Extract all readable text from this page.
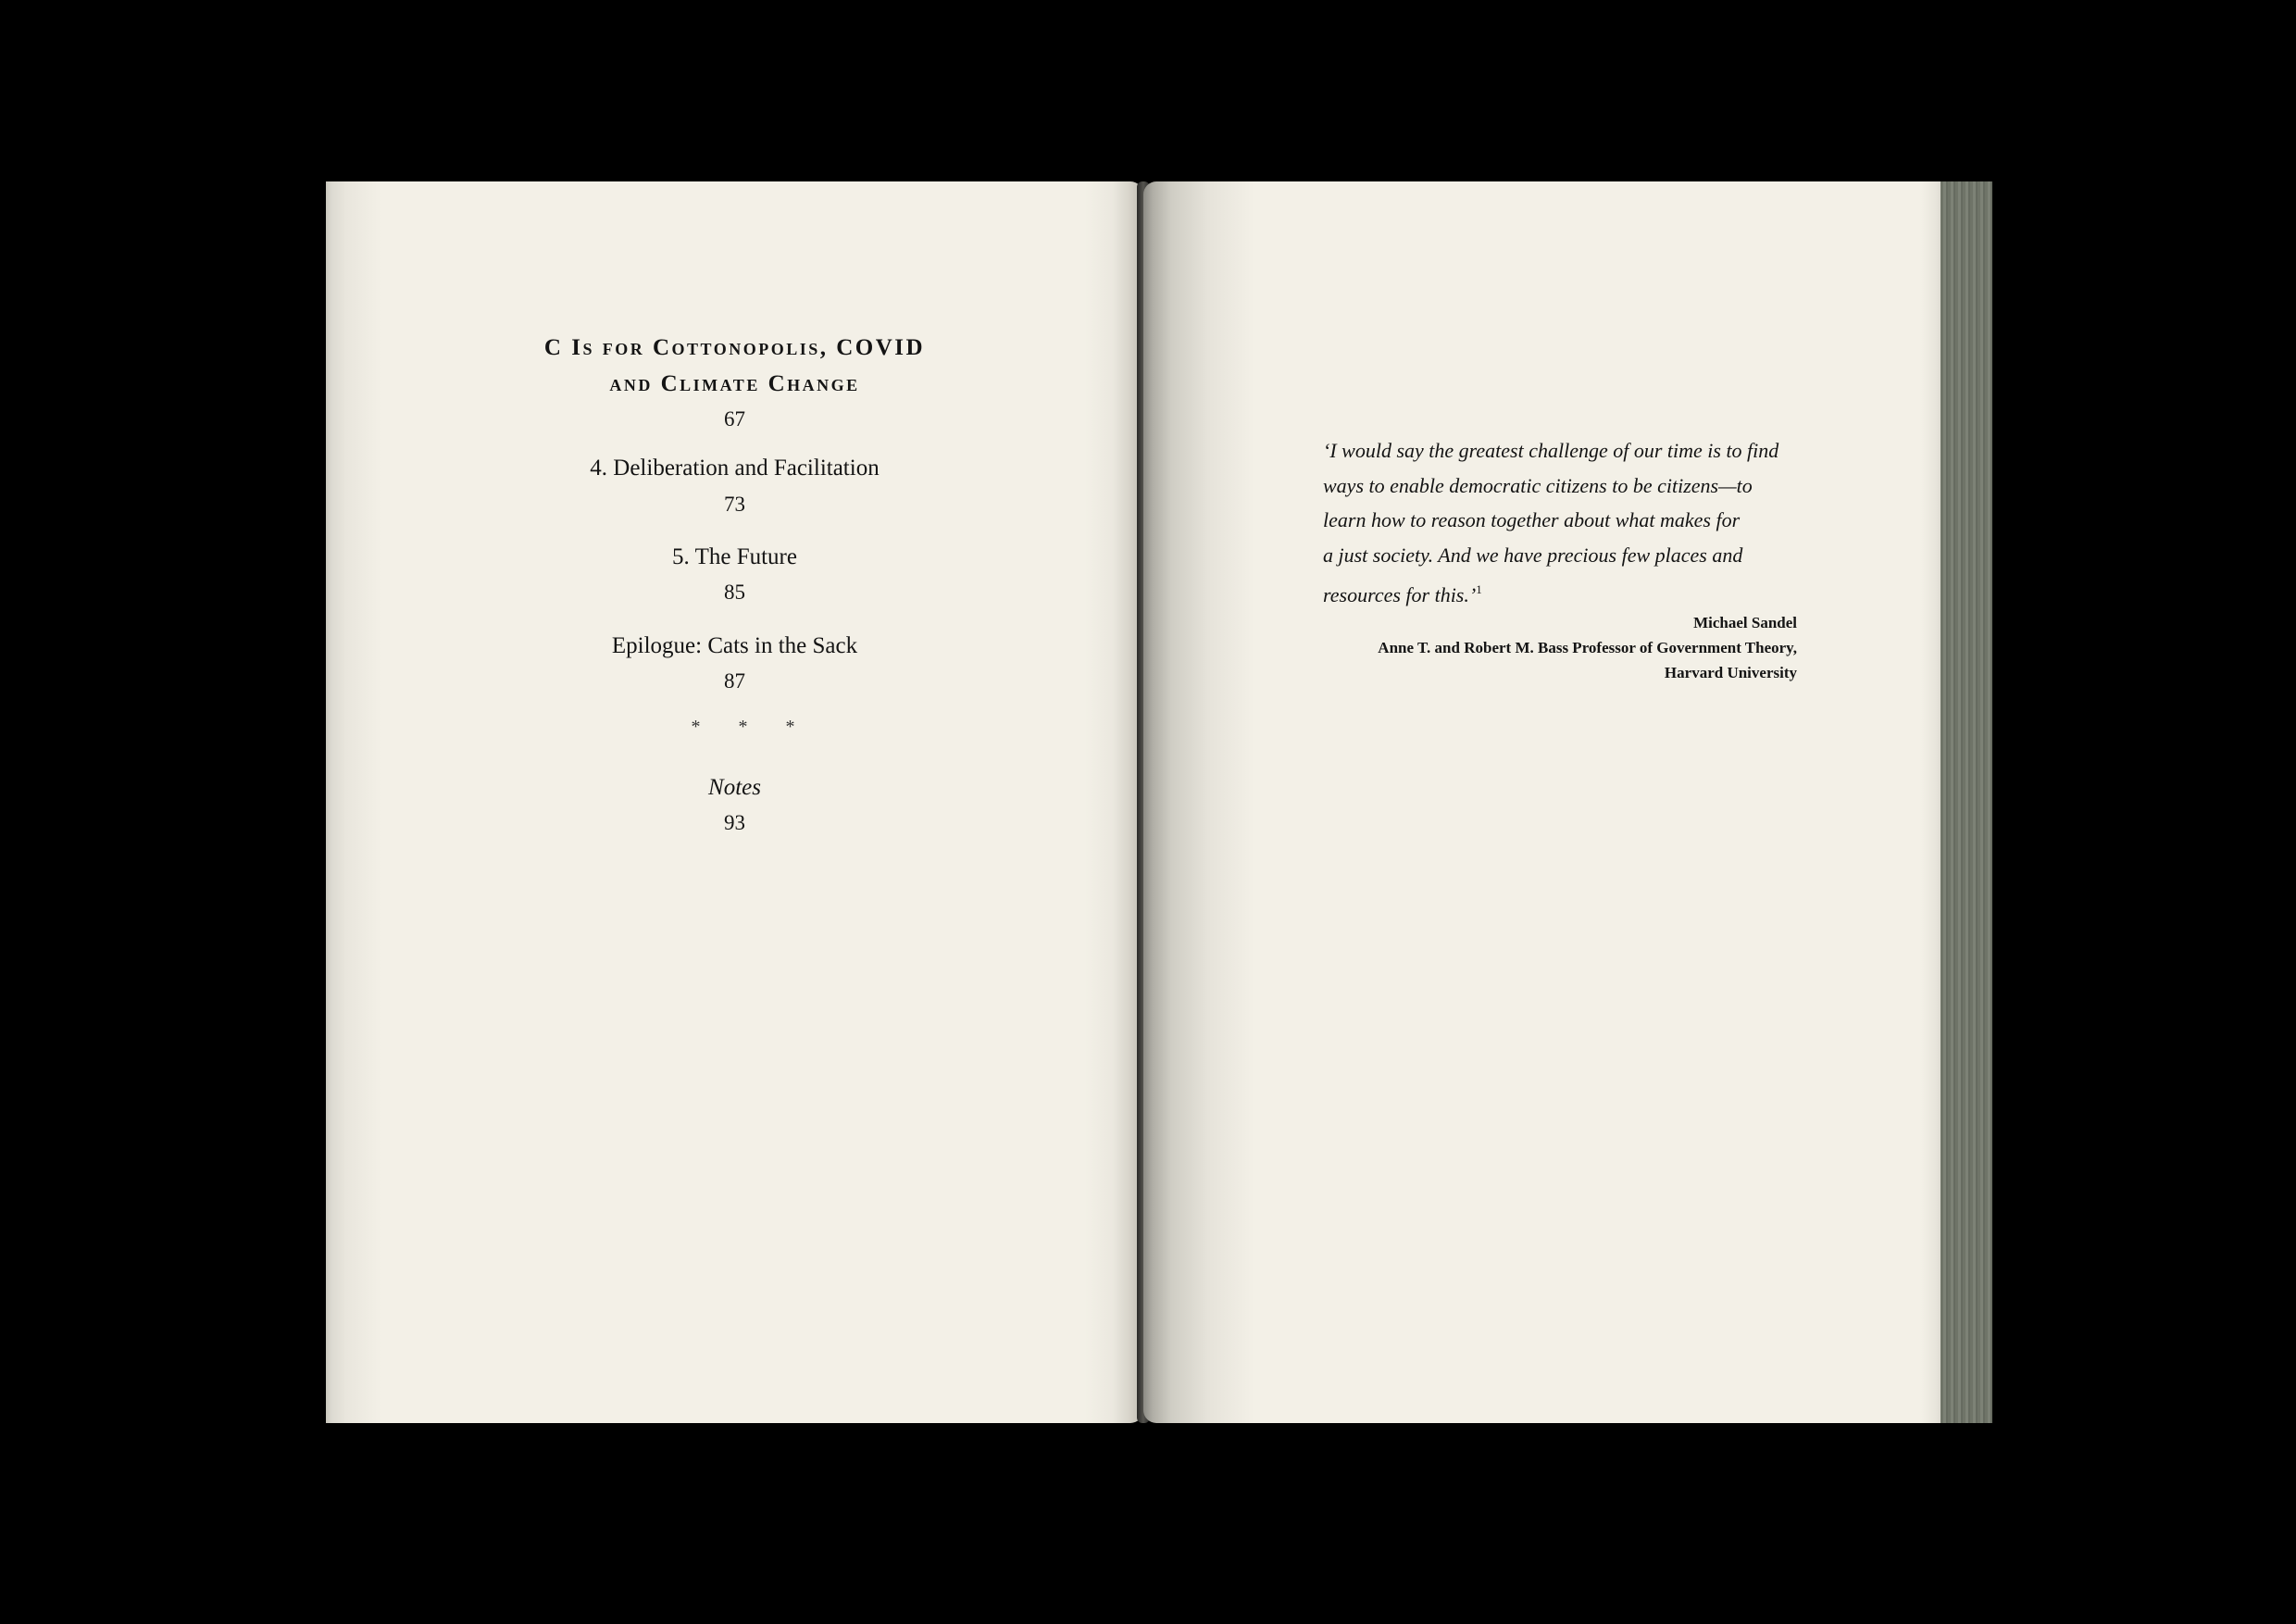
C Is for Cottonopolis, COVID
and Climate Change
67
4. Deliberation and Facilitation
73
5. The Future
85
Epilogue: Cats in the Sack
87
* * *
Notes
93
‘I would say the greatest challenge of our time is to find
ways to enable democratic citizens to be citizens—to
learn how to reason together about what makes for
a just society. And we have precious few places and
resources for this.’$^1$
Michael Sandel
Anne T. and Robert M. Bass Professor of Government Theory,
Harvard University
